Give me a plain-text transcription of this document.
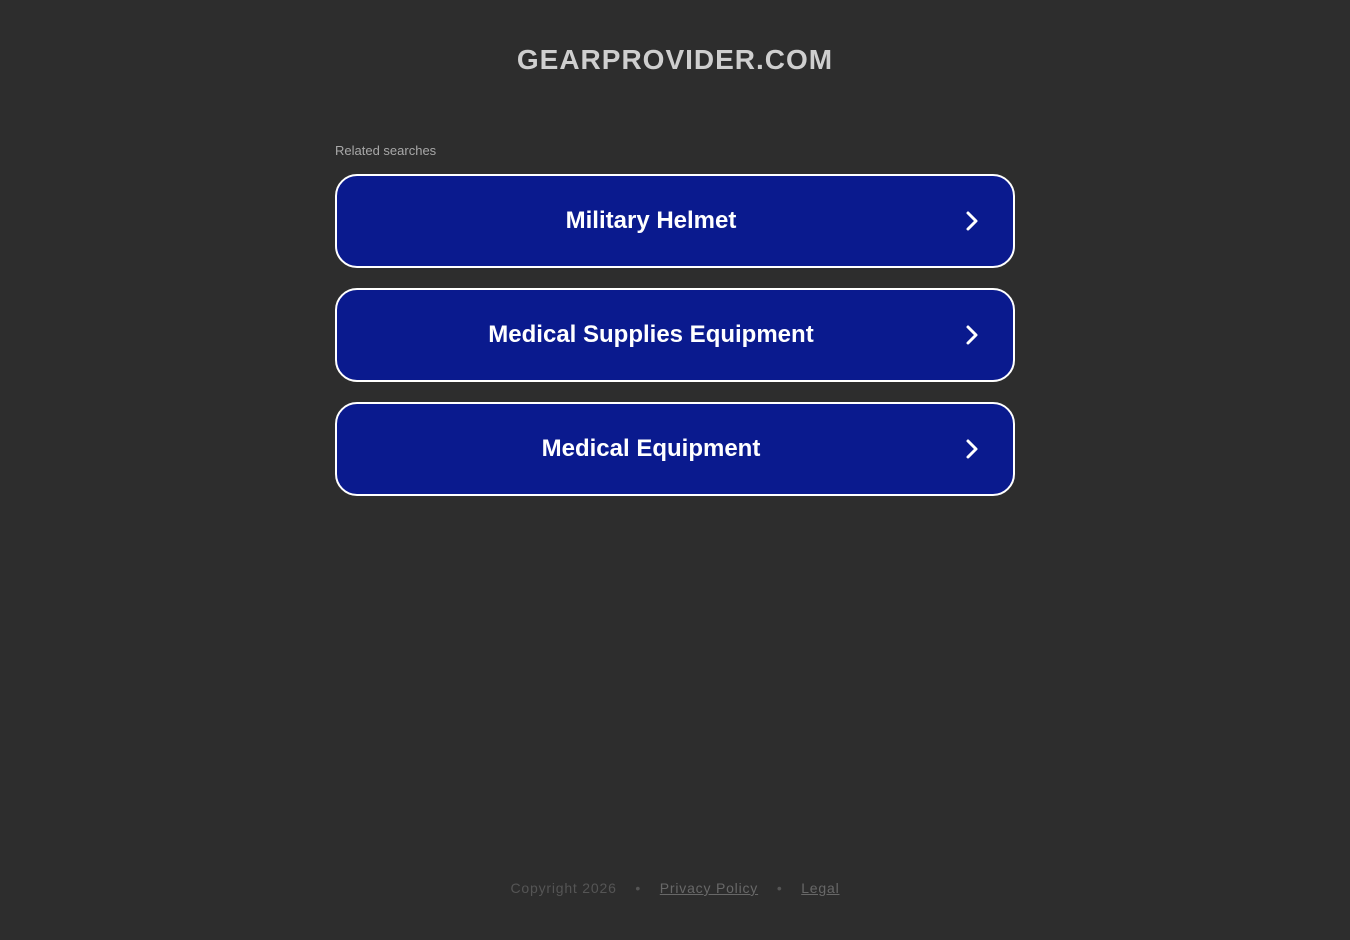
GEARPROVIDER.COM
Related searches
Military Helmet
Medical Supplies Equipment
Medical Equipment
Copyright 2026 • Privacy Policy • Legal
